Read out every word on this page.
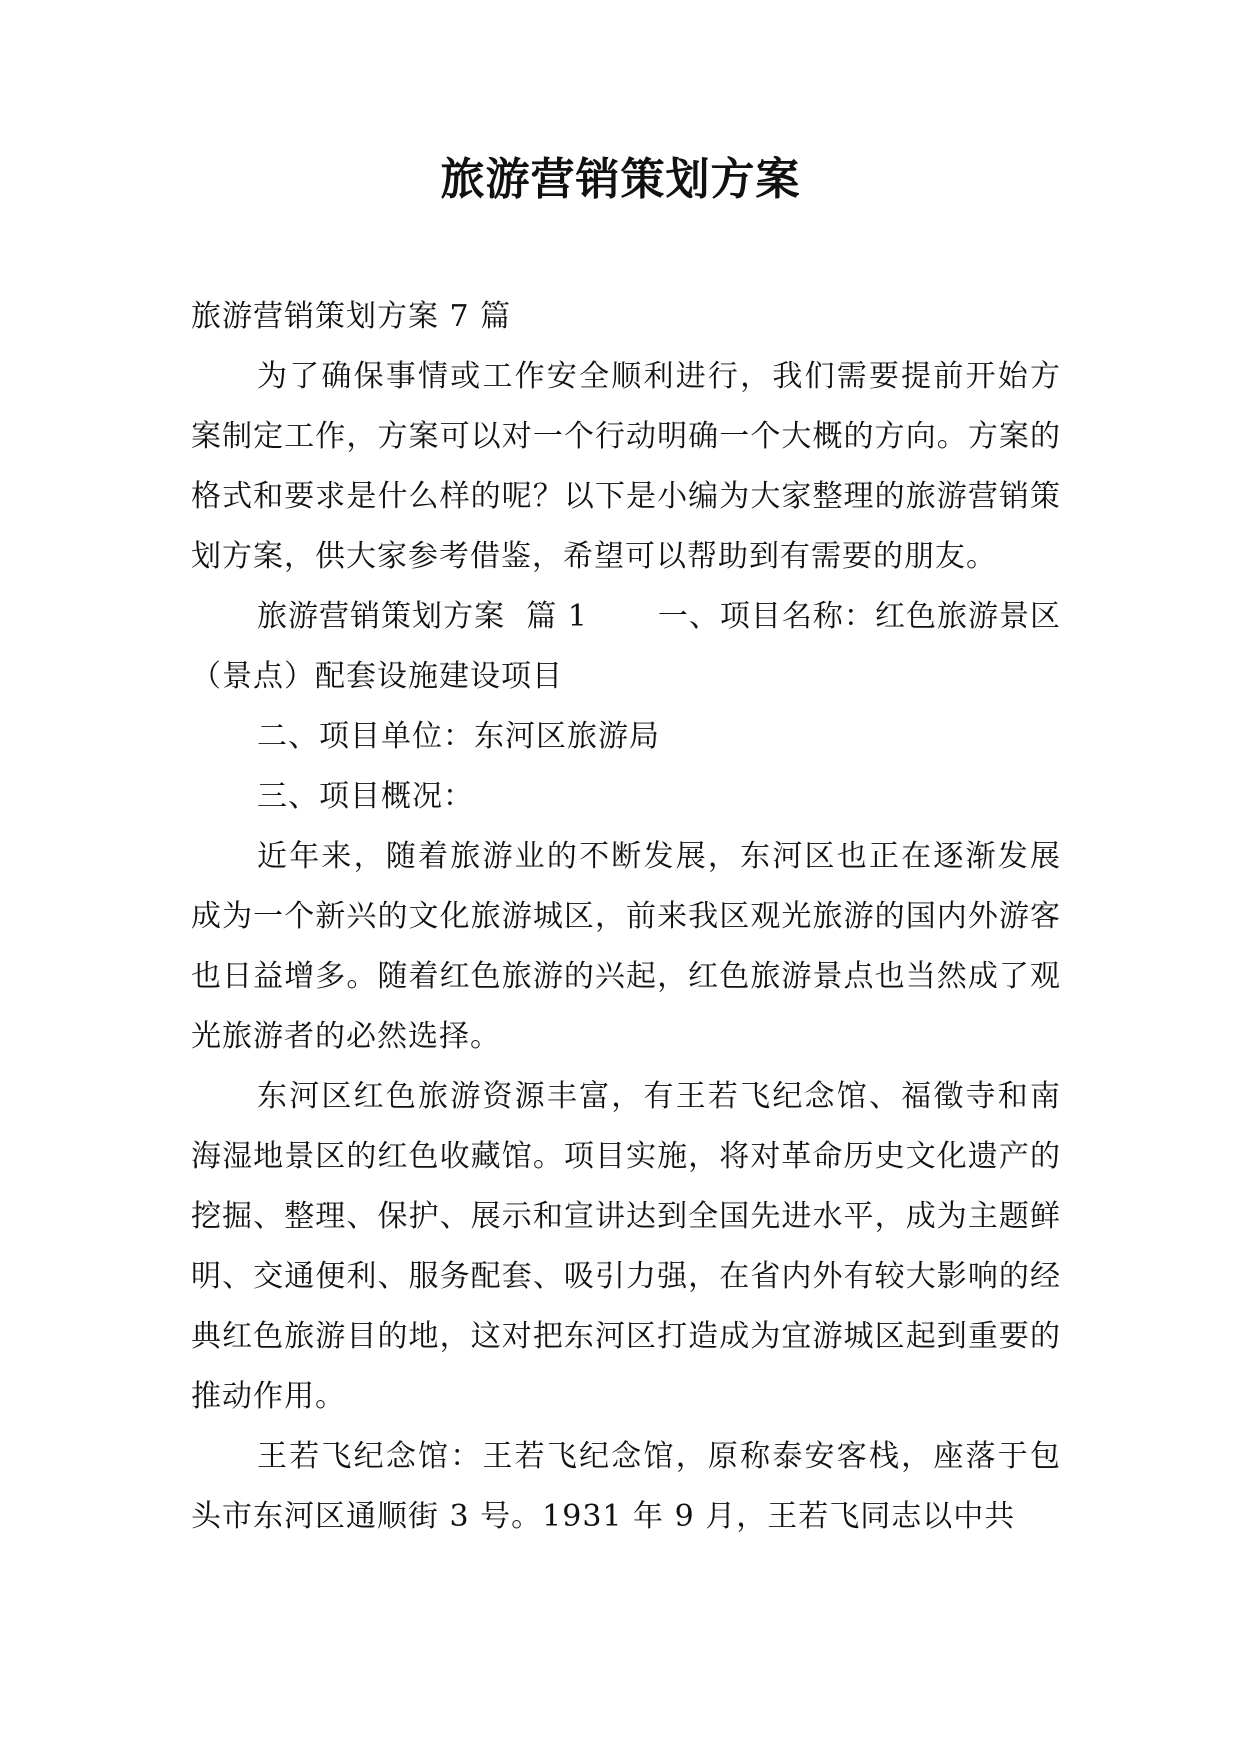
旅游营销策划方案

旅游营销策划方案 7 篇

为了确保事情或工作安全顺利进行，我们需要提前开始方案制定工作，方案可以对一个行动明确一个大概的方向。方案的格式和要求是什么样的呢？以下是小编为大家整理的旅游营销策划方案，供大家参考借鉴，希望可以帮助到有需要的朋友。

旅游营销策划方案  篇 1 一、项目名称：红色旅游景区（景点）配套设施建设项目

二、项目单位：东河区旅游局

三、项目概况：

近年来，随着旅游业的不断发展，东河区也正在逐渐发展成为一个新兴的文化旅游城区，前来我区观光旅游的国内外游客也日益增多。随着红色旅游的兴起，红色旅游景点也当然成了观光旅游者的必然选择。

东河区红色旅游资源丰富，有王若飞纪念馆、福徵寺和南海湿地景区的红色收藏馆。项目实施，将对革命历史文化遗产的挖掘、整理、保护、展示和宣讲达到全国先进水平，成为主题鲜明、交通便利、服务配套、吸引力强，在省内外有较大影响的经典红色旅游目的地，这对把东河区打造成为宜游城区起到重要的推动作用。

王若飞纪念馆：王若飞纪念馆，原称泰安客栈，座落于包头市东河区通顺街 3 号。1931 年 9 月，王若飞同志以中共
